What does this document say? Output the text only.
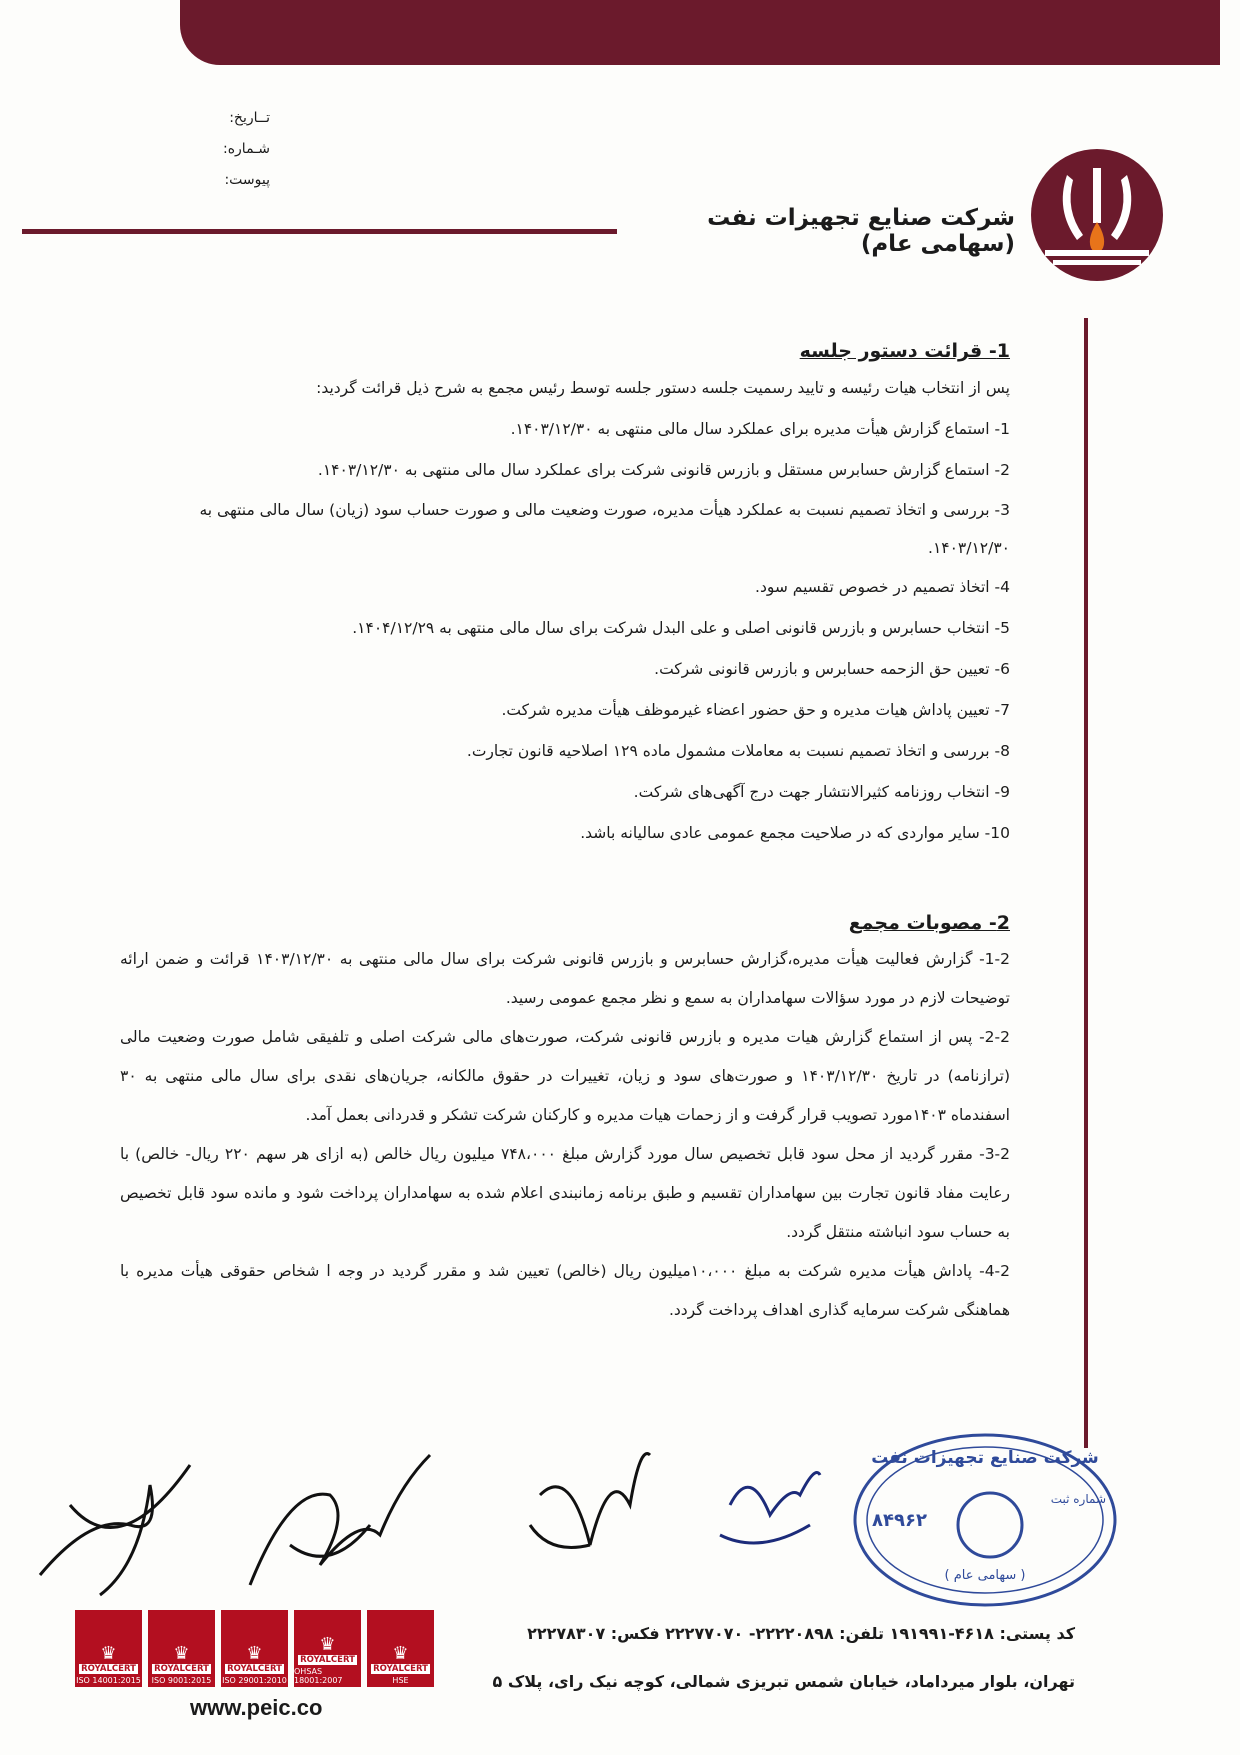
تــاریخ:
شـماره:
پیوست:
شرکت صنایع تجهیزات نفت (سهامی عام)
1- قرائت دستور جلسه

پس از انتخاب هیات رئیسه و تایید رسمیت جلسه دستور جلسه توسط رئیس مجمع به شرح ذیل قرائت گردید:

1- استماع گزارش هیأت مدیره برای عملکرد سال مالی منتهی به ۱۴۰۳/۱۲/۳۰.

2- استماع گزارش حسابرس مستقل و بازرس قانونی شرکت برای عملکرد سال مالی منتهی به ۱۴۰۳/۱۲/۳۰.

3- بررسی و اتخاذ تصمیم نسبت به عملکرد هیأت مدیره، صورت وضعیت مالی و صورت حساب سود (زیان) سال مالی منتهی به ۱۴۰۳/۱۲/۳۰.

4- اتخاذ تصمیم در خصوص تقسیم سود.

5- انتخاب حسابرس و بازرس قانونی اصلی و علی البدل شرکت برای سال مالی منتهی به ۱۴۰۴/۱۲/۲۹.

6- تعیین حق الزحمه حسابرس و بازرس قانونی شرکت.

7- تعیین پاداش هیات مدیره و حق حضور اعضاء غیرموظف هیأت مدیره شرکت.

8- بررسی و اتخاذ تصمیم نسبت به معاملات مشمول ماده ۱۲۹ اصلاحیه قانون تجارت.

9- انتخاب روزنامه کثیرالانتشار جهت درج آگهی‌های شرکت.

10- سایر مواردی که در صلاحیت مجمع عمومی عادی سالیانه باشد.

2- مصوبات مجمع

1-2- گزارش فعالیت هیأت مدیره،گزارش حسابرس و بازرس قانونی شرکت برای سال مالی منتهی به ۱۴۰۳/۱۲/۳۰ قرائت و ضمن ارائه توضیحات لازم در مورد سؤالات سهامداران به سمع و نظر مجمع عمومی رسید.

2-2- پس از استماع گزارش هیات مدیره و بازرس قانونی شرکت، صورت‌های مالی شرکت اصلی و تلفیقی شامل صورت وضعیت مالی (ترازنامه) در تاریخ ۱۴۰۳/۱۲/۳۰ و صورت‌های سود و زیان، تغییرات در حقوق مالکانه، جریان‌های نقدی برای سال مالی منتهی به ۳۰ اسفندماه ۱۴۰۳مورد تصویب قرار گرفت و از زحمات هیات مدیره و کارکنان شرکت تشکر و قدردانی بعمل آمد.

3-2- مقرر گردید از محل سود قابل تخصیص سال مورد گزارش مبلغ ۷۴۸،۰۰۰ میلیون ریال خالص (به ازای هر سهم ۲۲۰ ریال- خالص) با رعایت مفاد قانون تجارت بین سهامداران تقسیم و طبق برنامه زمانبندی اعلام شده به سهامداران پرداخت شود و مانده سود قابل تخصیص به حساب سود انباشته منتقل گردد.

4-2- پاداش هیأت مدیره شرکت به مبلغ ۱۰،۰۰۰میلیون ریال (خالص) تعیین شد و مقرر گردید در وجه ا شخاص حقوقی هیأت مدیره با هماهنگی شرکت سرمایه گذاری اهداف پرداخت گردد.

شرکت صنایع تجهیزات نفت
شماره ثبت
۸۴۹۶۲
( سهامی عام )
کد پستی: ۴۶۱۸-۱۹۱۹۹۱ تلفن: ۲۲۲۲۰۸۹۸- ۲۲۲۷۷۰۷۰ فکس: ۲۲۲۷۸۳۰۷
تهران، بلوار میرداماد، خیابان شمس تبریزی شمالی، کوچه نیک رای، پلاک ۵
♛
ROYALCERT
ISO 14001:2015
♛
ROYALCERT
ISO 9001:2015
♛
ROYALCERT
ISO 29001:2010
♛
ROYALCERT
OHSAS 18001:2007
♛
ROYALCERT
HSE
www.peic.co
